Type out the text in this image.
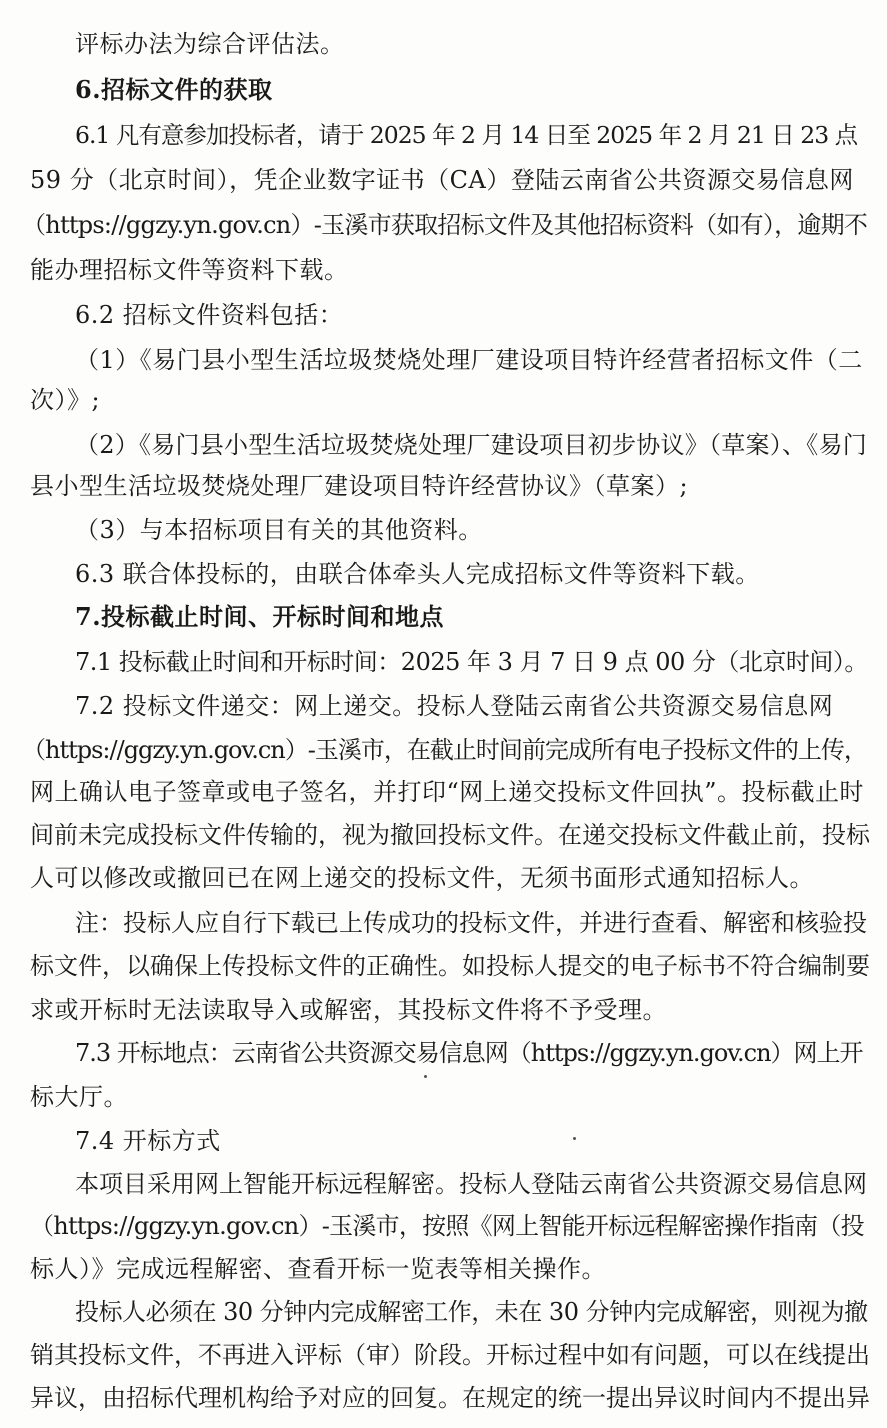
评标办法为综合评估法。

6.招标文件的获取

6.1 凡有意参加投标者，请于 2025 年 2 月 14 日至 2025 年 2 月 21 日 23 点

59 分（北京时间），凭企业数字证书（CA）登陆云南省公共资源交易信息网

（https://ggzy.yn.gov.cn）-玉溪市获取招标文件及其他招标资料（如有），逾期不

能办理招标文件等资料下载。

6.2 招标文件资料包括：

（1）《易门县小型生活垃圾焚烧处理厂建设项目特许经营者招标文件（二

次）》;

（2）《易门县小型生活垃圾焚烧处理厂建设项目初步协议》（草案）、《易门

县小型生活垃圾焚烧处理厂建设项目特许经营协议》（草案）;

（3）与本招标项目有关的其他资料。

6.3 联合体投标的，由联合体牵头人完成招标文件等资料下载。

7.投标截止时间、开标时间和地点

7.1 投标截止时间和开标时间：2025 年 3 月 7 日 9 点 00 分（北京时间）。

7.2 投标文件递交：网上递交。投标人登陆云南省公共资源交易信息网

（https://ggzy.yn.gov.cn）-玉溪市，在截止时间前完成所有电子投标文件的上传，

网上确认电子签章或电子签名，并打印“网上递交投标文件回执”。投标截止时

间前未完成投标文件传输的，视为撤回投标文件。在递交投标文件截止前，投标

人可以修改或撤回已在网上递交的投标文件，无须书面形式通知招标人。

注：投标人应自行下载已上传成功的投标文件，并进行查看、解密和核验投

标文件，以确保上传投标文件的正确性。如投标人提交的电子标书不符合编制要

求或开标时无法读取导入或解密，其投标文件将不予受理。

7.3 开标地点：云南省公共资源交易信息网（https://ggzy.yn.gov.cn）网上开

标大厅。

7.4 开标方式

本项目采用网上智能开标远程解密。投标人登陆云南省公共资源交易信息网

（https://ggzy.yn.gov.cn）-玉溪市，按照《网上智能开标远程解密操作指南（投

标人）》完成远程解密、查看开标一览表等相关操作。

投标人必须在 30 分钟内完成解密工作，未在 30 分钟内完成解密，则视为撤

销其投标文件，不再进入评标（审）阶段。开标过程中如有问题，可以在线提出

异议，由招标代理机构给予对应的回复。在规定的统一提出异议时间内不提出异
